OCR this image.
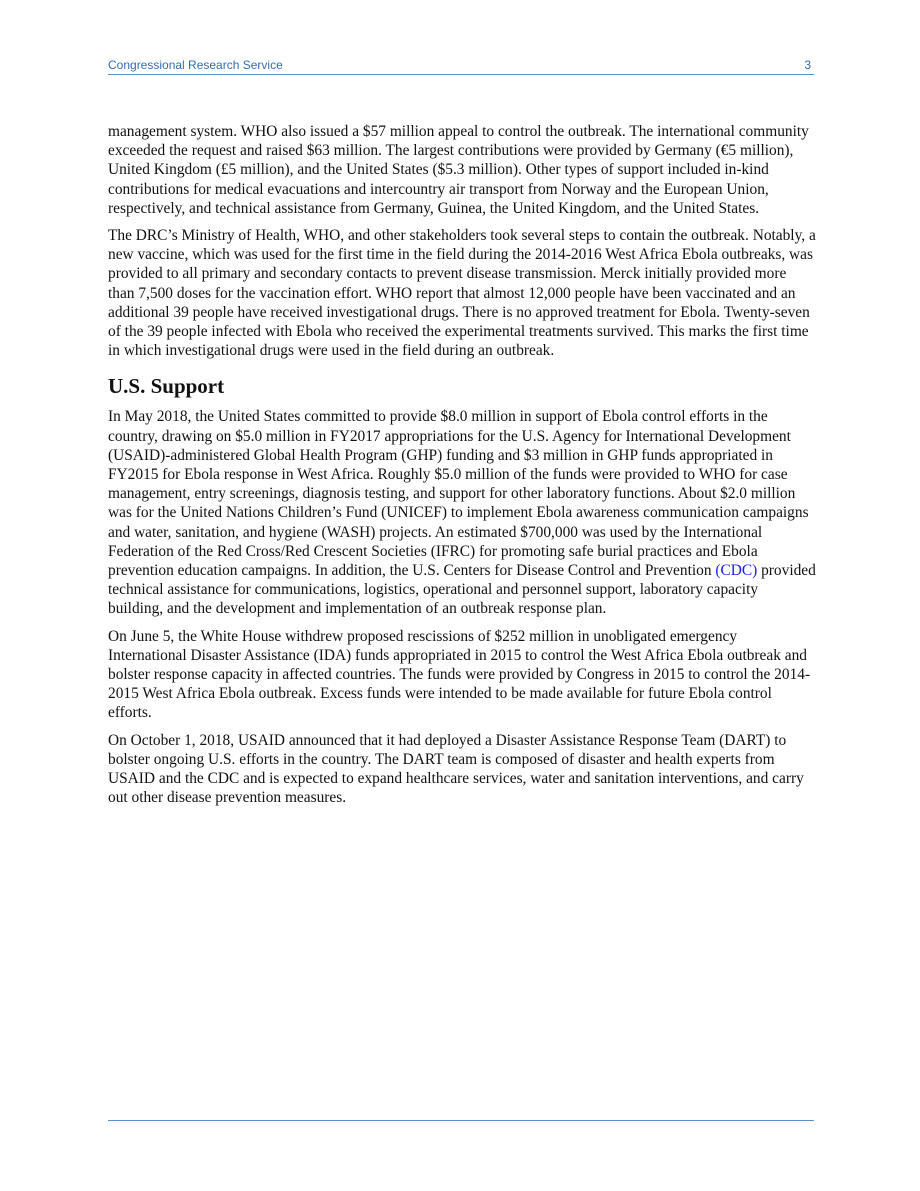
Congressional Research Service	3

management system. WHO also issued a $57 million appeal to control the outbreak. The international community exceeded the request and raised $63 million. The largest contributions were provided by Germany (€5 million), United Kingdom (£5 million), and the United States ($5.3 million). Other types of support included in-kind contributions for medical evacuations and intercountry air transport from Norway and the European Union, respectively, and technical assistance from Germany, Guinea, the United Kingdom, and the United States.

The DRC’s Ministry of Health, WHO, and other stakeholders took several steps to contain the outbreak. Notably, a new vaccine, which was used for the first time in the field during the 2014-2016 West Africa Ebola outbreaks, was provided to all primary and secondary contacts to prevent disease transmission. Merck initially provided more than 7,500 doses for the vaccination effort. WHO report that almost 12,000 people have been vaccinated and an additional 39 people have received investigational drugs. There is no approved treatment for Ebola. Twenty-seven of the 39 people infected with Ebola who received the experimental treatments survived. This marks the first time in which investigational drugs were used in the field during an outbreak.

U.S. Support

In May 2018, the United States committed to provide $8.0 million in support of Ebola control efforts in the country, drawing on $5.0 million in FY2017 appropriations for the U.S. Agency for International Development (USAID)-administered Global Health Program (GHP) funding and $3 million in GHP funds appropriated in FY2015 for Ebola response in West Africa. Roughly $5.0 million of the funds were provided to WHO for case management, entry screenings, diagnosis testing, and support for other laboratory functions. About $2.0 million was for the United Nations Children’s Fund (UNICEF) to implement Ebola awareness communication campaigns and water, sanitation, and hygiene (WASH) projects. An estimated $700,000 was used by the International Federation of the Red Cross/Red Crescent Societies (IFRC) for promoting safe burial practices and Ebola prevention education campaigns. In addition, the U.S. Centers for Disease Control and Prevention (CDC) provided technical assistance for communications, logistics, operational and personnel support, laboratory capacity building, and the development and implementation of an outbreak response plan.

On June 5, the White House withdrew proposed rescissions of $252 million in unobligated emergency International Disaster Assistance (IDA) funds appropriated in 2015 to control the West Africa Ebola outbreak and bolster response capacity in affected countries. The funds were provided by Congress in 2015 to control the 2014-2015 West Africa Ebola outbreak. Excess funds were intended to be made available for future Ebola control efforts.

On October 1, 2018, USAID announced that it had deployed a Disaster Assistance Response Team (DART) to bolster ongoing U.S. efforts in the country. The DART team is composed of disaster and health experts from USAID and the CDC and is expected to expand healthcare services, water and sanitation interventions, and carry out other disease prevention measures.
